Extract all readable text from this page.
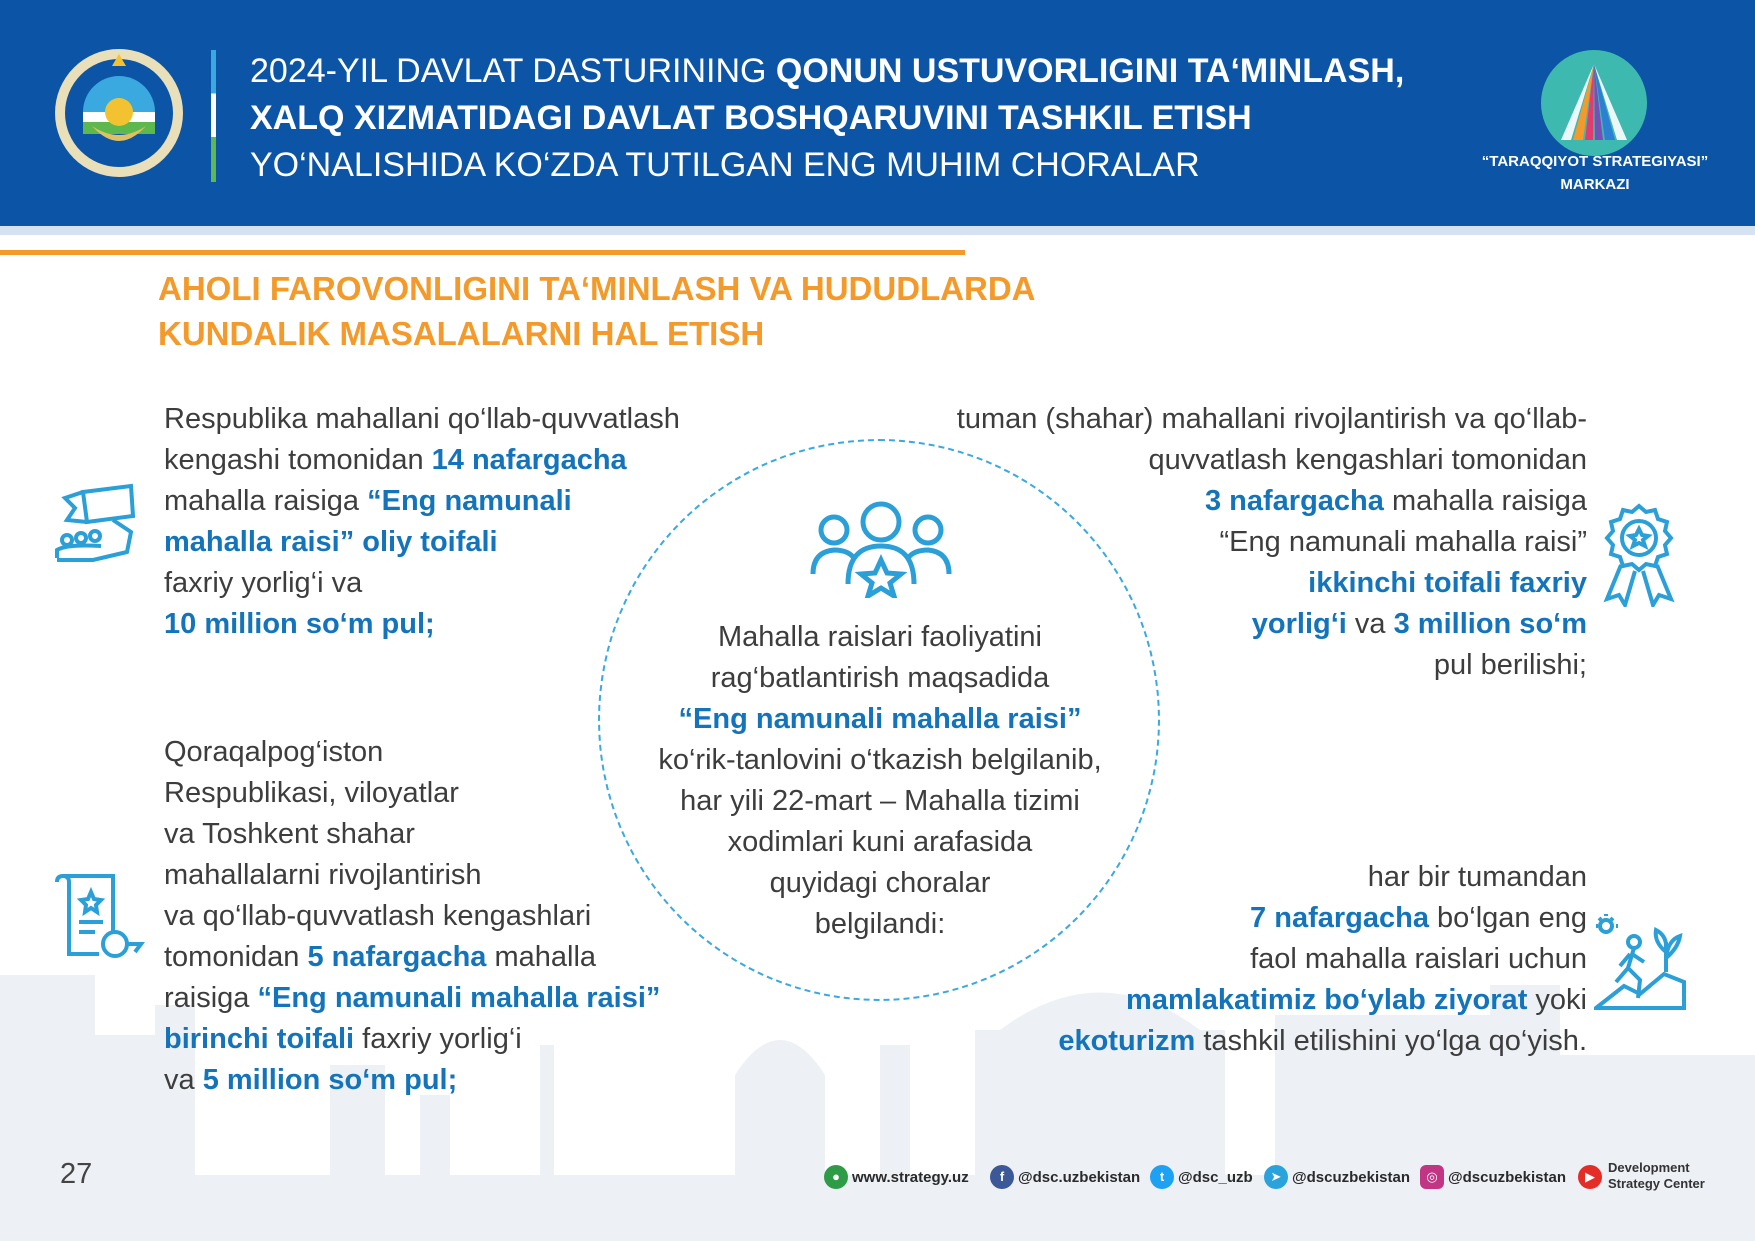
2024-YIL DAVLAT DASTURINING QONUN USTUVORLIGINI TA‘MINLASH,
XALQ XIZMATIDAGI DAVLAT BOSHQARUVINI TASHKIL ETISH
YO‘NALISHIDA KO‘ZDA TUTILGAN ENG MUHIM CHORALAR	“TARAQQIYOT STRATEGIYASI”
MARKAZI
AHOLI FAROVONLIGINI TA‘MINLASH VA HUDUDLARDA
KUNDALIK MASALALARNI HAL ETISH
Mahalla raislari faoliyatini
rag‘batlantirish maqsadida
“Eng namunali mahalla raisi”
ko‘rik-tanlovini o‘tkazish belgilanib,
har yili 22-mart – Mahalla tizimi
xodimlari kuni arafasida
quyidagi choralar
belgilandi:
Respublika mahallani qo‘llab-quvvatlash
kengashi tomonidan 14 nafargacha
mahalla raisiga “Eng namunali
mahalla raisi” oliy toifali
faxriy yorlig‘i va
10 million so‘m pul;
Qoraqalpog‘iston
Respublikasi, viloyatlar
va Toshkent shahar
mahallalarni rivojlantirish
va qo‘llab-quvvatlash kengashlari
tomonidan 5 nafargacha mahalla
raisiga “Eng namunali mahalla raisi”
birinchi toifali faxriy yorlig‘i
va 5 million so‘m pul;
tuman (shahar) mahallani rivojlantirish va qo‘llab-
quvvatlash kengashlari tomonidan
3 nafargacha mahalla raisiga
“Eng namunali mahalla raisi”
ikkinchi toifali faxriy
yorlig‘i va 3 million so‘m
pul berilishi;
har bir tumandan
7 nafargacha bo‘lgan eng
faol mahalla raislari uchun
mamlakatimiz bo‘ylab ziyorat yoki
ekoturizm tashkil etilishini yo‘lga qo‘yish.
27	● www.strategy.uz	f @dsc.uzbekistan	t @dsc_uzb	➤ @dscuzbekistan	◎ @dscuzbekistan	▶
Development
Strategy Center
